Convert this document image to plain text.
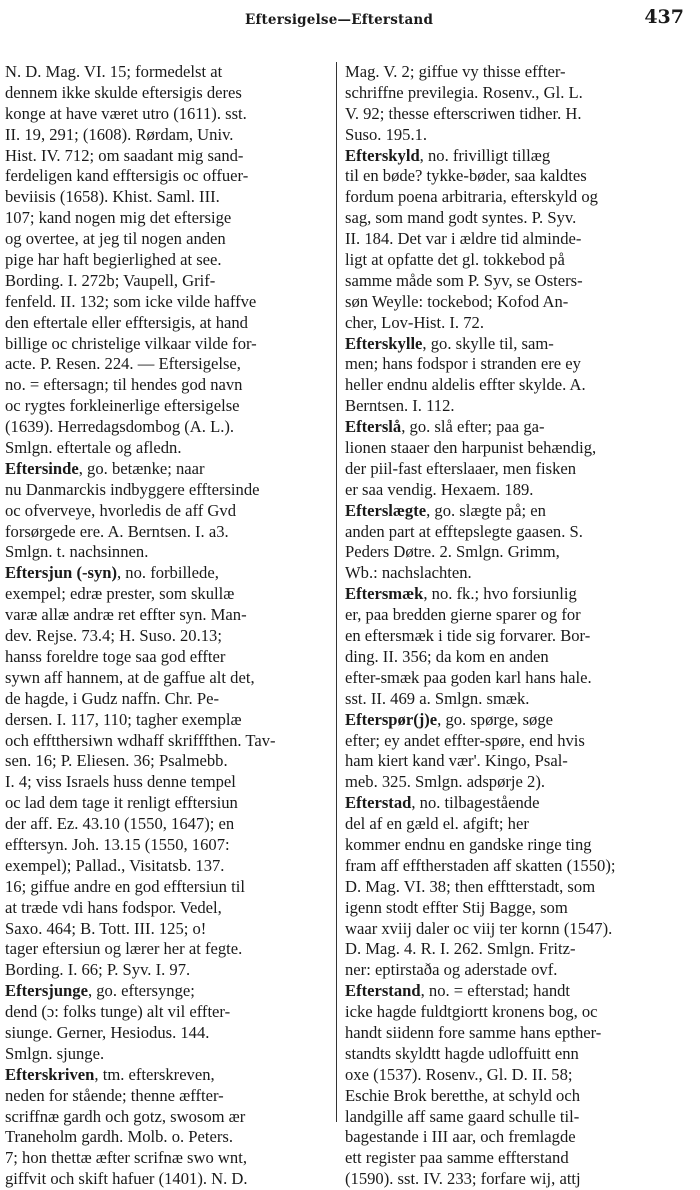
Eftersigelse—Efterstand	437
N. D. Mag. VI. 15; formedelst at
dennem ikke skulde eftersigis deres
konge at have været utro (1611). sst.
II. 19, 291; (1608). Rørdam, Univ.
Hist. IV. 712; om saadant mig sand-
ferdeligen kand efftersigis oc offuer-
beviisis (1658). Khist. Saml. III.
107; kand nogen mig det eftersige
og overtee, at jeg til nogen anden
pige har haft begierlighed at see.
Bording. I. 272b; Vaupell, Grif-
fenfeld. II. 132; som icke vilde haffve
den eftertale eller efftersigis, at hand
billige oc christelige vilkaar vilde for-
acte. P. Resen. 224. — Eftersigelse,
no. = eftersagn; til hendes god navn
oc rygtes forkleinerlige eftersigelse
(1639). Herredagsdombog (A. L.).
Smlgn. eftertale og afledn.
Eftersinde, go. betænke; naar
nu Danmarckis indbyggere efftersinde
oc ofverveye, hvorledis de aff Gvd
forsørgede ere. A. Berntsen. I. a3.
Smlgn. t. nachsinnen.
Eftersjun (-syn), no. forbillede,
exempel; edræ prester, som skullæ
varæ allæ andræ ret effter syn. Man-
dev. Rejse. 73.4; H. Suso. 20.13;
hanss foreldre toge saa god effter
sywn aff hannem, at de gaffue alt det,
de hagde, i Gudz naffn. Chr. Pe-
dersen. I. 117, 110; tagher exemplæ
och efftthersiwn wdhaff skrifffthen. Tav-
sen. 16; P. Eliesen. 36; Psalmebb.
I. 4; viss Israels huss denne tempel
oc lad dem tage it renligt efftersiun
der aff. Ez. 43.10 (1550, 1647); en
efftersyn. Joh. 13.15 (1550, 1607:
exempel); Pallad., Visitatsb. 137.
16; giffue andre en god efftersiun til
at træde vdi hans fodspor. Vedel,
Saxo. 464; B. Tott. III. 125; o!
tager eftersiun og lærer her at fegte.
Bording. I. 66; P. Syv. I. 97.
Eftersjunge, go. eftersynge;
dend (ɔ: folks tunge) alt vil effter-
siunge. Gerner, Hesiodus. 144.
Smlgn. sjunge.
Efterskriven, tm. efterskreven,
neden for stående; thenne æffter-
scriffnæ gardh och gotz, swosom ær
Traneholm gardh. Molb. o. Peters.
7; hon thettæ æfter scrifnæ swo wnt,
giffvit och skift hafuer (1401). N. D.
Mag. V. 2; giffue vy thisse effter-
schriffne previlegia. Rosenv., Gl. L.
V. 92; thesse efterscriwen tidher. H.
Suso. 195.1.
Efterskyld, no. frivilligt tillæg
til en bøde? tykke-bøder, saa kaldtes
fordum poena arbitraria, efterskyld og
sag, som mand godt syntes. P. Syv.
II. 184. Det var i ældre tid alminde-
ligt at opfatte det gl. tokkebod på
samme måde som P. Syv, se Osters-
søn Weylle: tockebod; Kofod An-
cher, Lov-Hist. I. 72.
Efterskylle, go. skylle til, sam-
men; hans fodspor i stranden ere ey
heller endnu aldelis effter skylde. A.
Berntsen. I. 112.
Efterslå, go. slå efter; paa ga-
lionen staaer den harpunist behændig,
der piil-fast efterslaaer, men fisken
er saa vendig. Hexaem. 189.
Efterslægte, go. slægte på; en
anden part at efftерslegte gaasen. S.
Peders Døtre. 2. Smlgn. Grimm,
Wb.: nachslachten.
Eftersmæk, no. fk.; hvo forsiunlig
er, paa bredden gierne sparer og for
en eftersmæk i tide sig forvarer. Bor-
ding. II. 356; da kom en anden
efter-smæk paa goden karl hans hale.
sst. II. 469 a. Smlgn. smæk.
Efterspør(j)e, go. spørge, søge
efter; ey andet effter-spøre, end hvis
ham kiert kand vær'. Kingo, Psal-
meb. 325. Smlgn. adspørje 2).
Efterstad, no. tilbagestående
del af en gæld el. afgift; her
kommer endnu en gandske ringe ting
fram aff efftherstaden aff skatten (1550);
D. Mag. VI. 38; then efftterstadt, som
igenn stodt effter Stij Bagge, som
waar xviij daler oc viij ter kornn (1547).
D. Mag. 4. R. I. 262. Smlgn. Fritz-
ner: eptirstaða og aderstade ovf.
Efterstand, no. = efterstad; handt
icke hagde fuldtgiortt kronens bog, oc
handt siidenn fore samme hans epther-
standts skyldtt hagde udloffuitt enn
oxe (1537). Rosenv., Gl. D. II. 58;
Eschie Brok beretthe, at schyld och
landgille aff same gaard schulle til-
bagestande i III aar, och fremlagde
ett register paa samme effterstand
(1590). sst. IV. 233; forfare wij, attj
